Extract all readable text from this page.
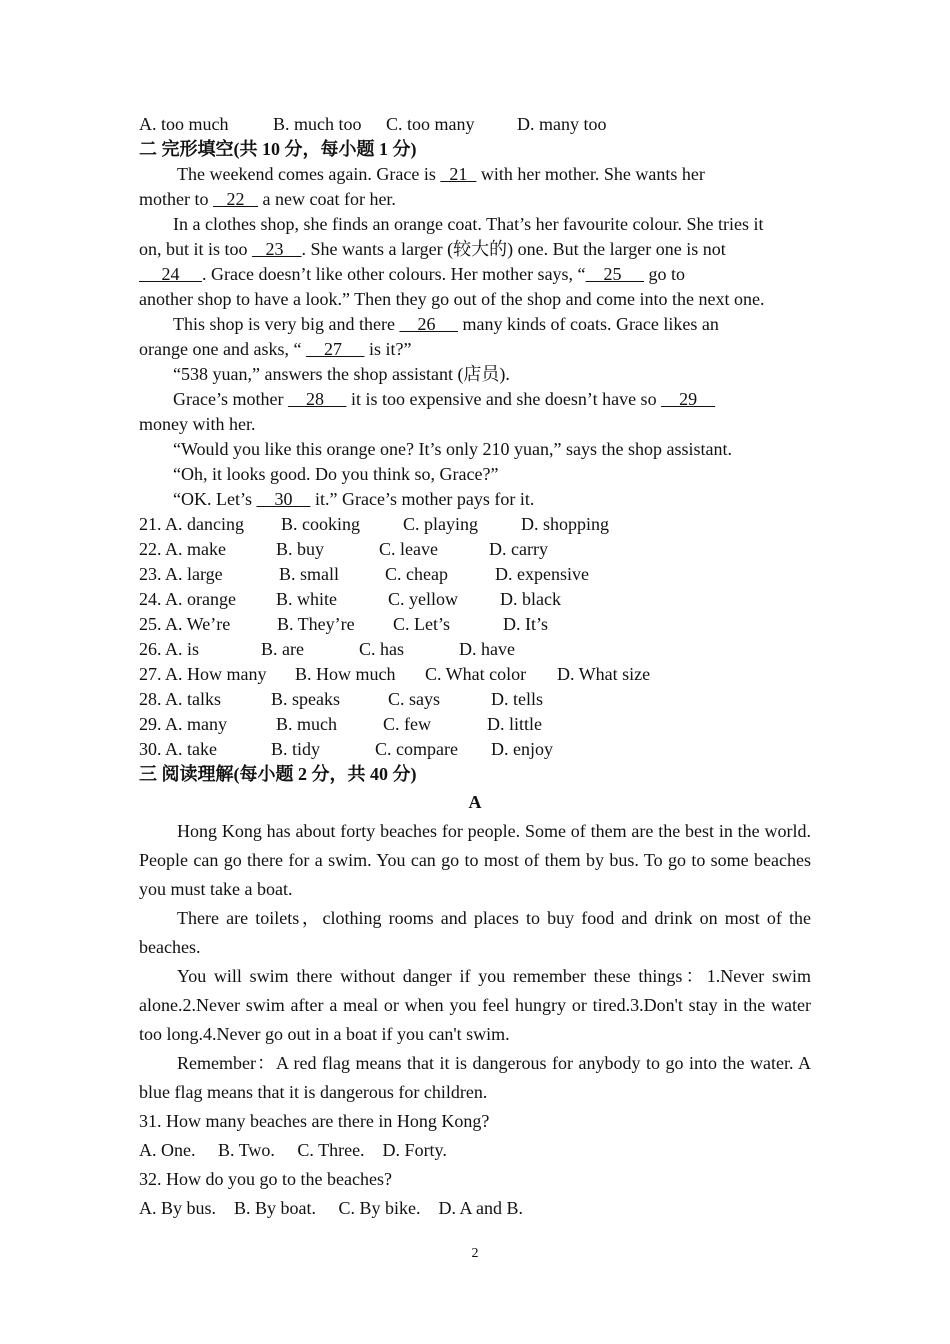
A. too much B. much too C. too many D. many too
二 完形填空(共 10 分，每小题 1 分)
The weekend comes again. Grace is   21   with her mother. She wants her
mother to    22    a new coat for her.
In a clothes shop, she finds an orange coat. That’s her favourite colour. She tries it
on, but it is too    23    . She wants a larger (较大的) one. But the larger one is not
24     . Grace doesn’t like other colours. Her mother says, “    25      go to
another shop to have a look.” Then they go out of the shop and come into the next one.
This shop is very big and there     26      many kinds of coats. Grace likes an
orange one and asks, “     27      is it?”
“538 yuan,” answers the shop assistant (店员).
Grace’s mother     28      it is too expensive and she doesn’t have so     29
money with her.
“Would you like this orange one? It’s only 210 yuan,” says the shop assistant.
“Oh, it looks good. Do you think so, Grace?”
“OK. Let’s     30     it.” Grace’s mother pays for it.
21. A. dancing B. cooking C. playing D. shopping
22. A. make	B. buy	C. leave	D. carry
23. A. large	B. small	C. cheap	D. expensive
24. A. orange B. white	C. yellow D. black
25. A. We’re	B. They’re C. Let’s	D. It’s
26. A. is	B. are	C. has	D. have
27. A. How many B. How much C. What color D. What size
28. A. talks	B. speaks	C. says	D. tells
29. A. many	B. much	C. few	D. little
30. A. take	B. tidy	C. compare D. enjoy
三 阅读理解(每小题 2 分，共 40 分)
A

Hong Kong has about forty beaches for people. Some of them are the best in the world. People can go there for a swim. You can go to most of them by bus. To go to some beaches you must take a boat.

There are toilets，clothing rooms and places to buy food and drink on most of the beaches.

You will swim there without danger if you remember these things：1.Never swim alone.2.Never swim after a meal or when you feel hungry or tired.3.Don't stay in the water too long.4.Never go out in a boat if you can't swim.

Remember：A red flag means that it is dangerous for anybody to go into the water. A blue flag means that it is dangerous for children.

31. How many beaches are there in Hong Kong?

A. One.     B. Two.     C. Three.    D. Forty.

32. How do you go to the beaches?

A. By bus.    B. By boat.     C. By bike.    D. A and B.

2
